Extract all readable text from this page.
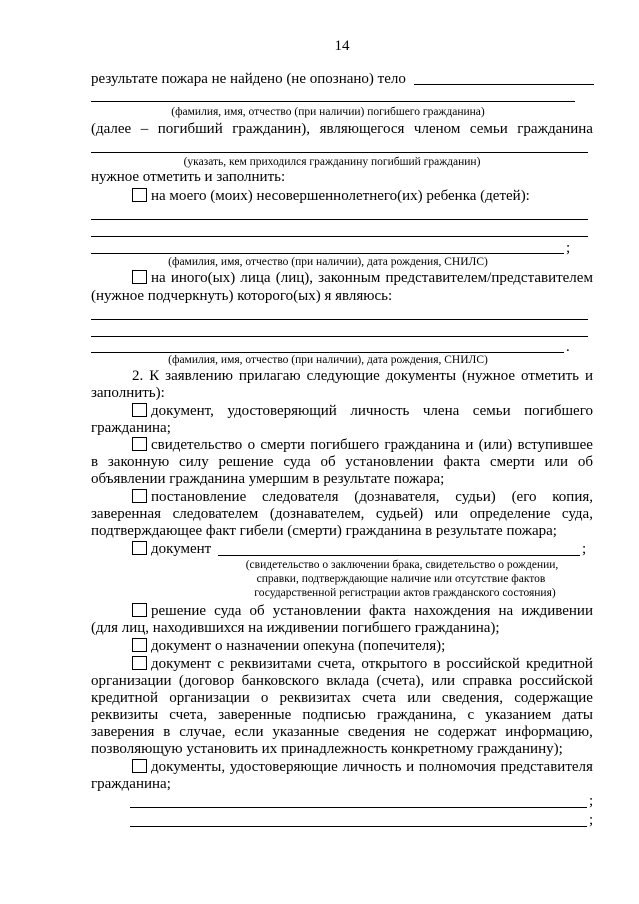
14
результате пожара не найдено (не опознано) тело
(фамилия, имя, отчество (при наличии) погибшего гражданина)
(далее – погибший гражданин), являющегося членом семьи гражданина
(указать, кем приходился гражданину погибший гражданин)
нужное отметить и заполнить:
на моего (моих) несовершеннолетнего(их) ребенка (детей):
;
(фамилия, имя, отчество (при наличии), дата рождения, СНИЛС)
на иного(ых) лица (лиц), законным представителем/представителем
(нужное подчеркнуть) которого(ых) я являюсь:
.
(фамилия, имя, отчество (при наличии), дата рождения, СНИЛС)
2. К заявлению прилагаю следующие документы (нужное отметить и
заполнить):
документ, удостоверяющий личность члена семьи погибшего
гражданина;
свидетельство о смерти погибшего гражданина и (или) вступившее
в законную силу решение суда об установлении факта смерти или об
объявлении гражданина умершим в результате пожара;
постановление следователя (дознавателя, судьи) (его копия,
заверенная следователем (дознавателем, судьей) или определение суда,
подтверждающее факт гибели (смерти) гражданина в результате пожара;
документ	;
(свидетельство о заключении брака, свидетельство о рождении,
справки, подтверждающие наличие или отсутствие фактов
государственной регистрации актов гражданского состояния)
решение суда об установлении факта нахождения на иждивении
(для лиц, находившихся на иждивении погибшего гражданина);
документ о назначении опекуна (попечителя);
документ с реквизитами счета, открытого в российской кредитной
организации (договор банковского вклада (счета), или справка российской
кредитной организации о реквизитах счета или сведения, содержащие
реквизиты счета, заверенные подписью гражданина, с указанием даты
заверения в случае, если указанные сведения не содержат информацию,
позволяющую установить их принадлежность конкретному гражданину);
документы, удостоверяющие личность и полномочия представителя
гражданина;
;
;
